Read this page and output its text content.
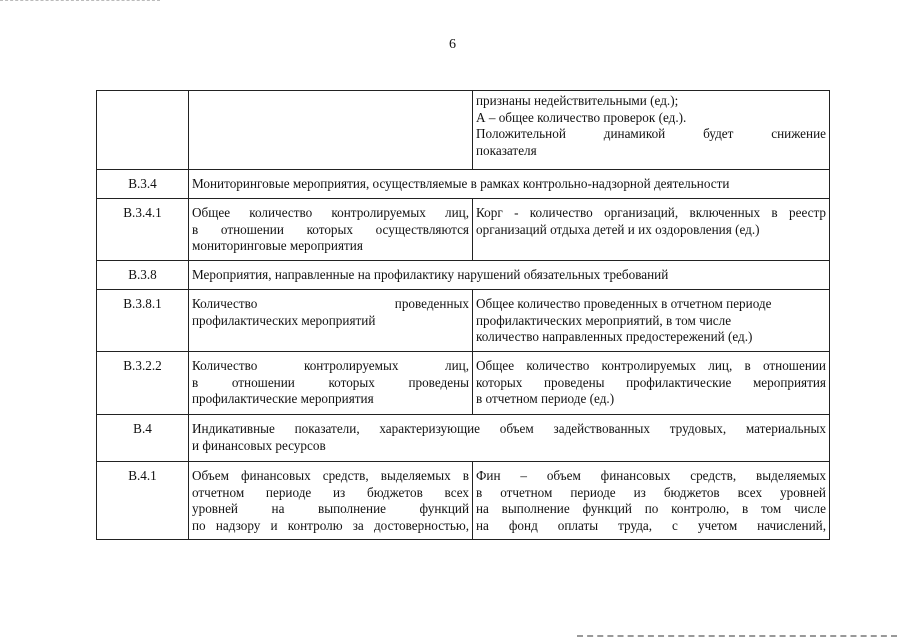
6

		признаны недействительными (ед.);
А – общее количество проверок (ед.).
Положительной динамикой будет снижение
показателя

В.3.4	Мониторинговые мероприятия, осуществляемые в рамках контрольно-надзорной деятельности	
В.3.4.1	Общее количество контролируемых лиц,
в отношении которых осуществляются
мониторинговые мероприятия	Корг - количество организаций, включенных в реестр
организаций отдыха детей и их оздоровления (ед.)

В.3.8	Мероприятия, направленные на профилактику нарушений обязательных требований	
В.3.8.1	Количество проведенных
профилактических мероприятий	Общее количество проведенных в отчетном периоде
профилактических мероприятий, в том числе
количество направленных предостережений (ед.)

В.3.2.2	Количество контролируемых лиц,
в отношении которых проведены
профилактические мероприятия	Общее количество контролируемых лиц, в отношении
которых проведены профилактические мероприятия
в отчетном периоде (ед.)

В.4	Индикативные показатели, характеризующие объем задействованных трудовых, материальных
и финансовых ресурсов	

В.4.1	Объем финансовых средств, выделяемых в
отчетном периоде из бюджетов всех
уровней на выполнение функций
по надзору и контролю за достоверностью,	Фин – объем финансовых средств, выделяемых
в отчетном периоде из бюджетов всех уровней
на выполнение функций по контролю, в том числе
на фонд оплаты труда, с учетом начислений,
